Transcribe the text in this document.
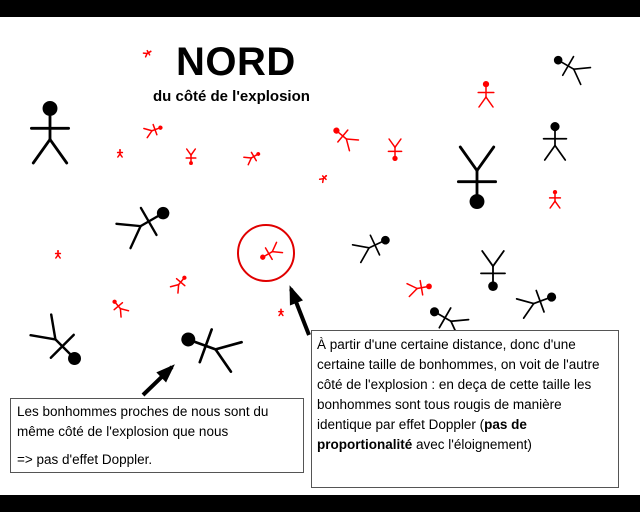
NORD
du côté de l'explosion

Les bonhommes proches de nous sont du même côté de l'explosion que nous

=> pas d'effet Doppler.

À partir d'une certaine distance, donc d'une certaine taille de bonhommes, on voit de l'autre côté de l'explosion : en deça de cette taille les bonhommes sont tous rougis de manière identique par effet Doppler (pas de proportionalité avec l'éloignement)
